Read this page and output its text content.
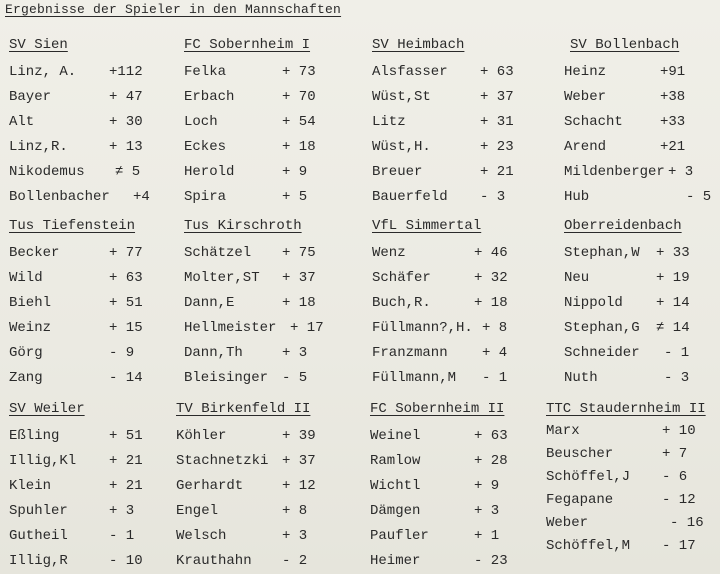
Ergebnisse der Spieler in den Mannschaften
SV Sien
Linz, A. +112
Bayer	+ 47
Alt	+ 30
Linz,R.	+ 13
Nikodemus ≠ 5
Bollenbacher +4
FC Sobernheim I
Felka	+ 73
Erbach	+ 70
Loch	+ 54
Eckes	+ 18
Herold	+ 9
Spira	+ 5
SV Heimbach
Alsfasser + 63
Wüst,St	+ 37
Litz	+ 31
Wüst,H.	+ 23
Breuer	+ 21
Bauerfeld - 3
SV Bollenbach
Heinz	+91
Weber	+38
Schacht	+33
Arend	+21
Mildenberger + 3
Hub	- 5
Tus Tiefenstein
Becker	+ 77
Wild	+ 63
Biehl	+ 51
Weinz	+ 15
Görg	- 9
Zang	- 14
Tus Kirschroth
Schätzel + 75
Molter,ST + 37
Dann,E	+ 18
Hellmeister + 17
Dann,Th	+ 3
Bleisinger - 5
VfL Simmertal
Wenz	+ 46
Schäfer	+ 32
Buch,R.	+ 18
Füllmann?,H. + 8
Franzmann + 4
Füllmann,M - 1
Oberreidenbach
Stephan,W + 33
Neu	+ 19
Nippold + 14
Stephan,G ≠ 14
Schneider - 1
Nuth	- 3
SV Weiler
Eßling	+ 51
Illig,Kl + 21
Klein	+ 21
Spuhler	+ 3
Gutheil	- 1
Illig,R	- 10
TV Birkenfeld II
Köhler	+ 39
Stachnetzki + 37
Gerhardt	+ 12
Engel	+ 8
Welsch	+ 3
Krauthahn - 2
FC Sobernheim II
Weinel	+ 63
Ramlow	+ 28
Wichtl	+ 9
Dämgen	+ 3
Paufler	+ 1
Heimer	- 23
TTC Staudernheim II
Marx	+ 10
Beuscher	+ 7
Schöffel,J - 6
Fegapane	- 12
Weber	- 16
Schöffel,M - 17
